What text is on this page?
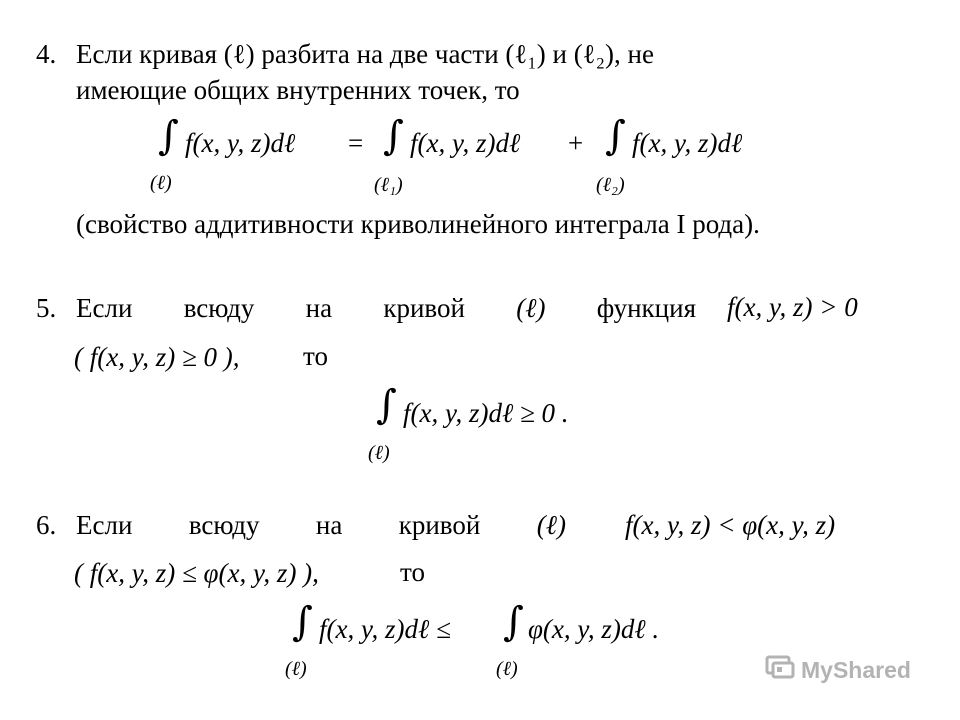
4. Если кривая (ℓ) разбита на две части (ℓ₁) и (ℓ₂), не
имеющие общих внутренних точек, то
∫ f(x, y, z)dℓ
(ℓ)
= ∫ f(x, y, z)dℓ
(ℓ₁)
+ ∫ f(x, y, z)dℓ
(ℓ₂)
(свойство аддитивности криволинейного интеграла I рода).
5. Если всюду на кривой (ℓ) функция f(x, y, z) > 0
( f(x, y, z) ≥ 0 ), то
∫ f(x, y, z)dℓ ≥ 0 .
(ℓ)
6. Если всюду на кривой (ℓ) f(x, y, z) < φ(x, y, z)
( f(x, y, z) ≤ φ(x, y, z) ),	то
∫ f(x, y, z)dℓ ≤
(ℓ)
∫ φ(x, y, z)dℓ .
(ℓ)	MyShared
